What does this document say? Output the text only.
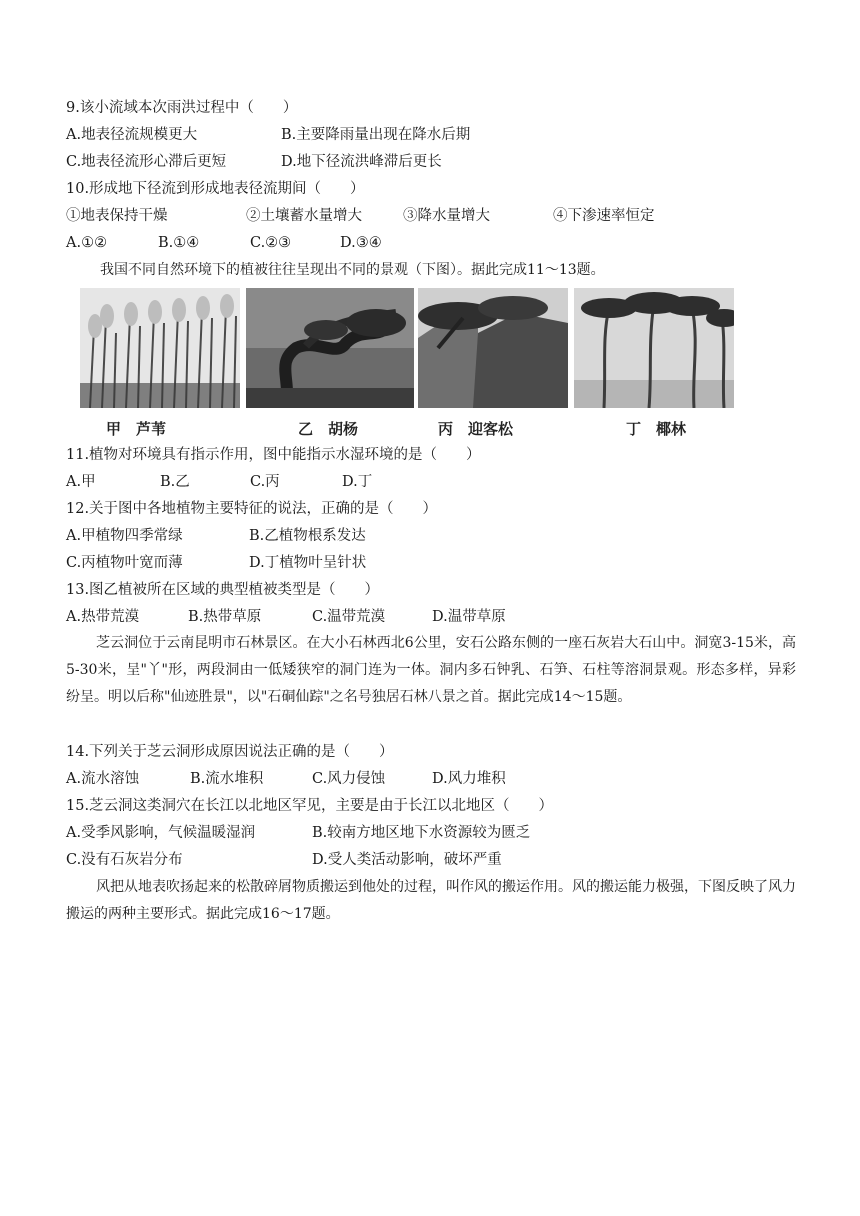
9.该小流域本次雨洪过程中（　　）
A.地表径流规模更大	B.主要降雨量出现在降水后期
C.地表径流形心滞后更短	D.地下径流洪峰滞后更长
10.形成地下径流到形成地表径流期间（　　）
①地表保持干燥	②土壤蓄水量增大	③降水量增大	④下渗速率恒定
A.①②	B.①④	C.②③	D.③④
我国不同自然环境下的植被往往呈现出不同的景观（下图）。据此完成11～13题。
甲　芦苇	乙　胡杨	丙　迎客松	丁　椰林
11.植物对环境具有指示作用，图中能指示水湿环境的是（　　）
A.甲	B.乙	C.丙	D.丁
12.关于图中各地植物主要特征的说法，正确的是（　　）
A.甲植物四季常绿	B.乙植物根系发达
C.丙植物叶宽而薄	D.丁植物叶呈针状
13.图乙植被所在区域的典型植被类型是（　　）
A.热带荒漠	B.热带草原	C.温带荒漠	D.温带草原

芝云洞位于云南昆明市石林景区。在大小石林西北6公里，安石公路东侧的一座石灰岩大石山中。洞宽3-15米，高5-30米，呈"丫"形，两段洞由一低矮狭窄的洞门连为一体。洞内多石钟乳、石笋、石柱等溶洞景观。形态多样，异彩纷呈。明以后称"仙迹胜景"，以"石硐仙踪"之名号独居石林八景之首。据此完成14～15题。

14.下列关于芝云洞形成原因说法正确的是（　　）
A.流水溶蚀	B.流水堆积	C.风力侵蚀	D.风力堆积
15.芝云洞这类洞穴在长江以北地区罕见，主要是由于长江以北地区（　　）
A.受季风影响，气候温暖湿润	B.较南方地区地下水资源较为匮乏
C.没有石灰岩分布	D.受人类活动影响，破坏严重

风把从地表吹扬起来的松散碎屑物质搬运到他处的过程，叫作风的搬运作用。风的搬运能力极强，下图反映了风力搬运的两种主要形式。据此完成16～17题。
